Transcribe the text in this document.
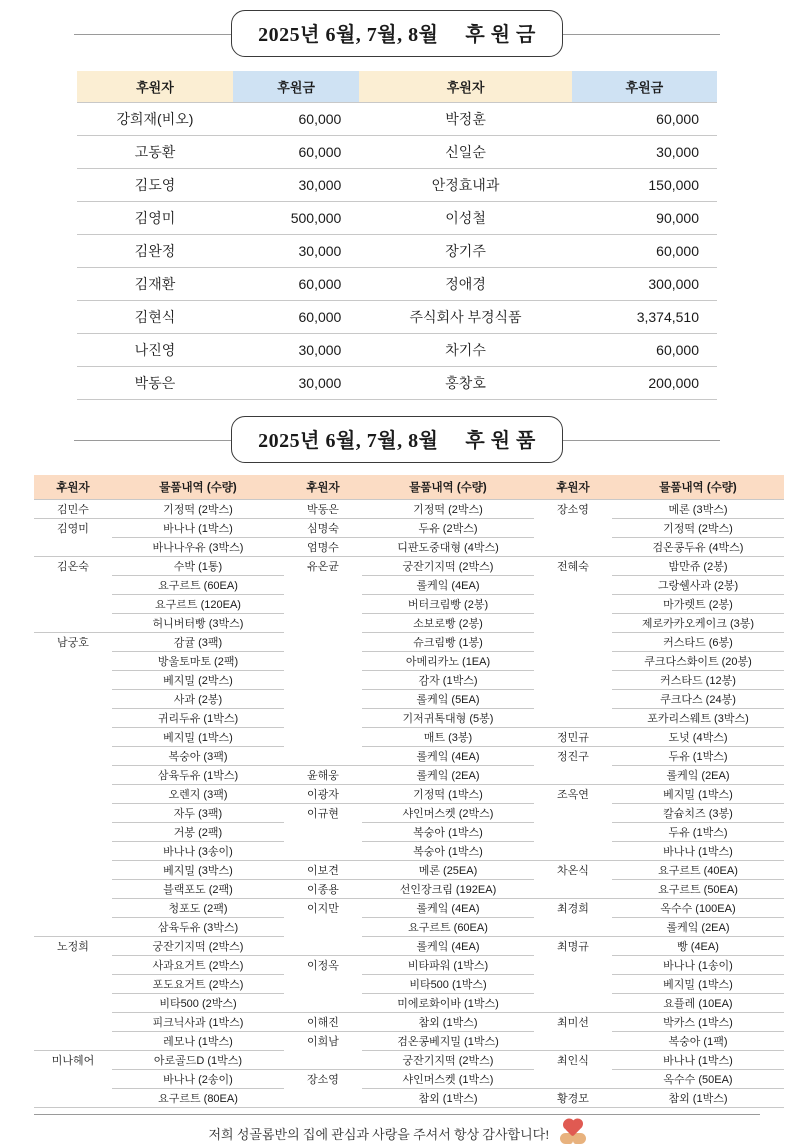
2025년 6월, 7월, 8월 후 원 금
후원자	후원금	후원자	후원금
강희재(비오)	60,000	박정훈	60,000
고동환	60,000	신일순	30,000
김도영	30,000	안정효내과	150,000
김영미	500,000	이성철	90,000
김완정	30,000	장기주	60,000
김재환	60,000	정애경	300,000
김현식	60,000	주식회사 부경식품	3,374,510
나진영	30,000	차기수	60,000
박동은	30,000	홍창호	200,000
2025년 6월, 7월, 8월 후 원 품
후원자	물품내역 (수량)	후원자	물품내역 (수량)	후원자	물품내역 (수량)
김민수	기정떡 (2박스)	박동은	기정떡 (2박스)	장소영	메론 (3박스)
김영미	바나나 (1박스)	심명숙	두유 (2박스)		기정떡 (2박스)
	바나나우유 (3박스)	엄명수	디판도중대형 (4박스)		검온콩두유 (4박스)
김온숙	수박 (1통)	유온균	궁잔기지떡 (2박스)	전혜숙	밤만쥬 (2봉)
	요구르트 (60EA)		롤케잌 (4EA)		그랑쉘사과 (2봉)
	요구르트 (120EA)		버터크림빵 (2봉)		마가렛트 (2봉)
	허니버터빵 (3박스)		소보로빵 (2봉)		제로카카오케이크 (3봉)
남궁호	감귤 (3팩)		슈크림빵 (1봉)		커스타드 (6봉)
	방울토마토 (2팩)		아메리카노 (1EA)		쿠크다스화이트 (20봉)
	베지밀 (2박스)		감자 (1박스)		커스타드 (12봉)
	사과 (2봉)		롤케잌 (5EA)		쿠크다스 (24봉)
	귀리두유 (1박스)		기저귀톡대형 (5봉)		포카리스웨트 (3박스)
	베지밀 (1박스)		매트 (3봉)	정민규	도넛 (4박스)
	복숭아 (3팩)		롤케잌 (4EA)	정진구	두유 (1박스)
	삼육두유 (1박스)	윤해웅	롤케잌 (2EA)		롤케잌 (2EA)
	오렌지 (3팩)	이광자	기정떡 (1박스)	조옥연	베지밀 (1박스)
	자두 (3팩)	이규현	샤인머스켓 (2박스)		칼슘치즈 (3봉)
	거봉 (2팩)		복숭아 (1박스)		두유 (1박스)
	바나나 (3송이)		복숭아 (1박스)		바나나 (1박스)
	베지밀 (3박스)	이보견	메론 (25EA)	차온식	요구르트 (40EA)
	블랙포도 (2팩)	이종용	선인장크림 (192EA)		요구르트 (50EA)
	청포도 (2팩)	이지만	롤케잌 (4EA)	최경희	옥수수 (100EA)
	삼육두유 (3박스)		요구르트 (60EA)		롤케잌 (2EA)
노정희	궁잔기지떡 (2박스)		롤케잌 (4EA)	최명규	빵 (4EA)
	사과요거트 (2박스)	이정옥	비타파워 (1박스)		바나나 (1송이)
	포도요거트 (2박스)		비타500 (1박스)		베지밀 (1박스)
	비타500 (2박스)		미에로화이바 (1박스)		요플레 (10EA)
	피크닉사과 (1박스)	이해진	참외 (1박스)	최미선	박카스 (1박스)
	레모나 (1박스)	이희남	검온콩베지밀 (1박스)		복숭아 (1팩)
미나헤어	아로골드D (1박스)		궁잔기지떡 (2박스)	최인식	바나나 (1박스)
	바나나 (2송이)	장소영	샤인머스켓 (1박스)		옥수수 (50EA)
	요구르트 (80EA)		참외 (1박스)	황경모	참외 (1박스)
저희 성골롬반의 집에 관심과 사랑을 주셔서 항상 감사합니다!
